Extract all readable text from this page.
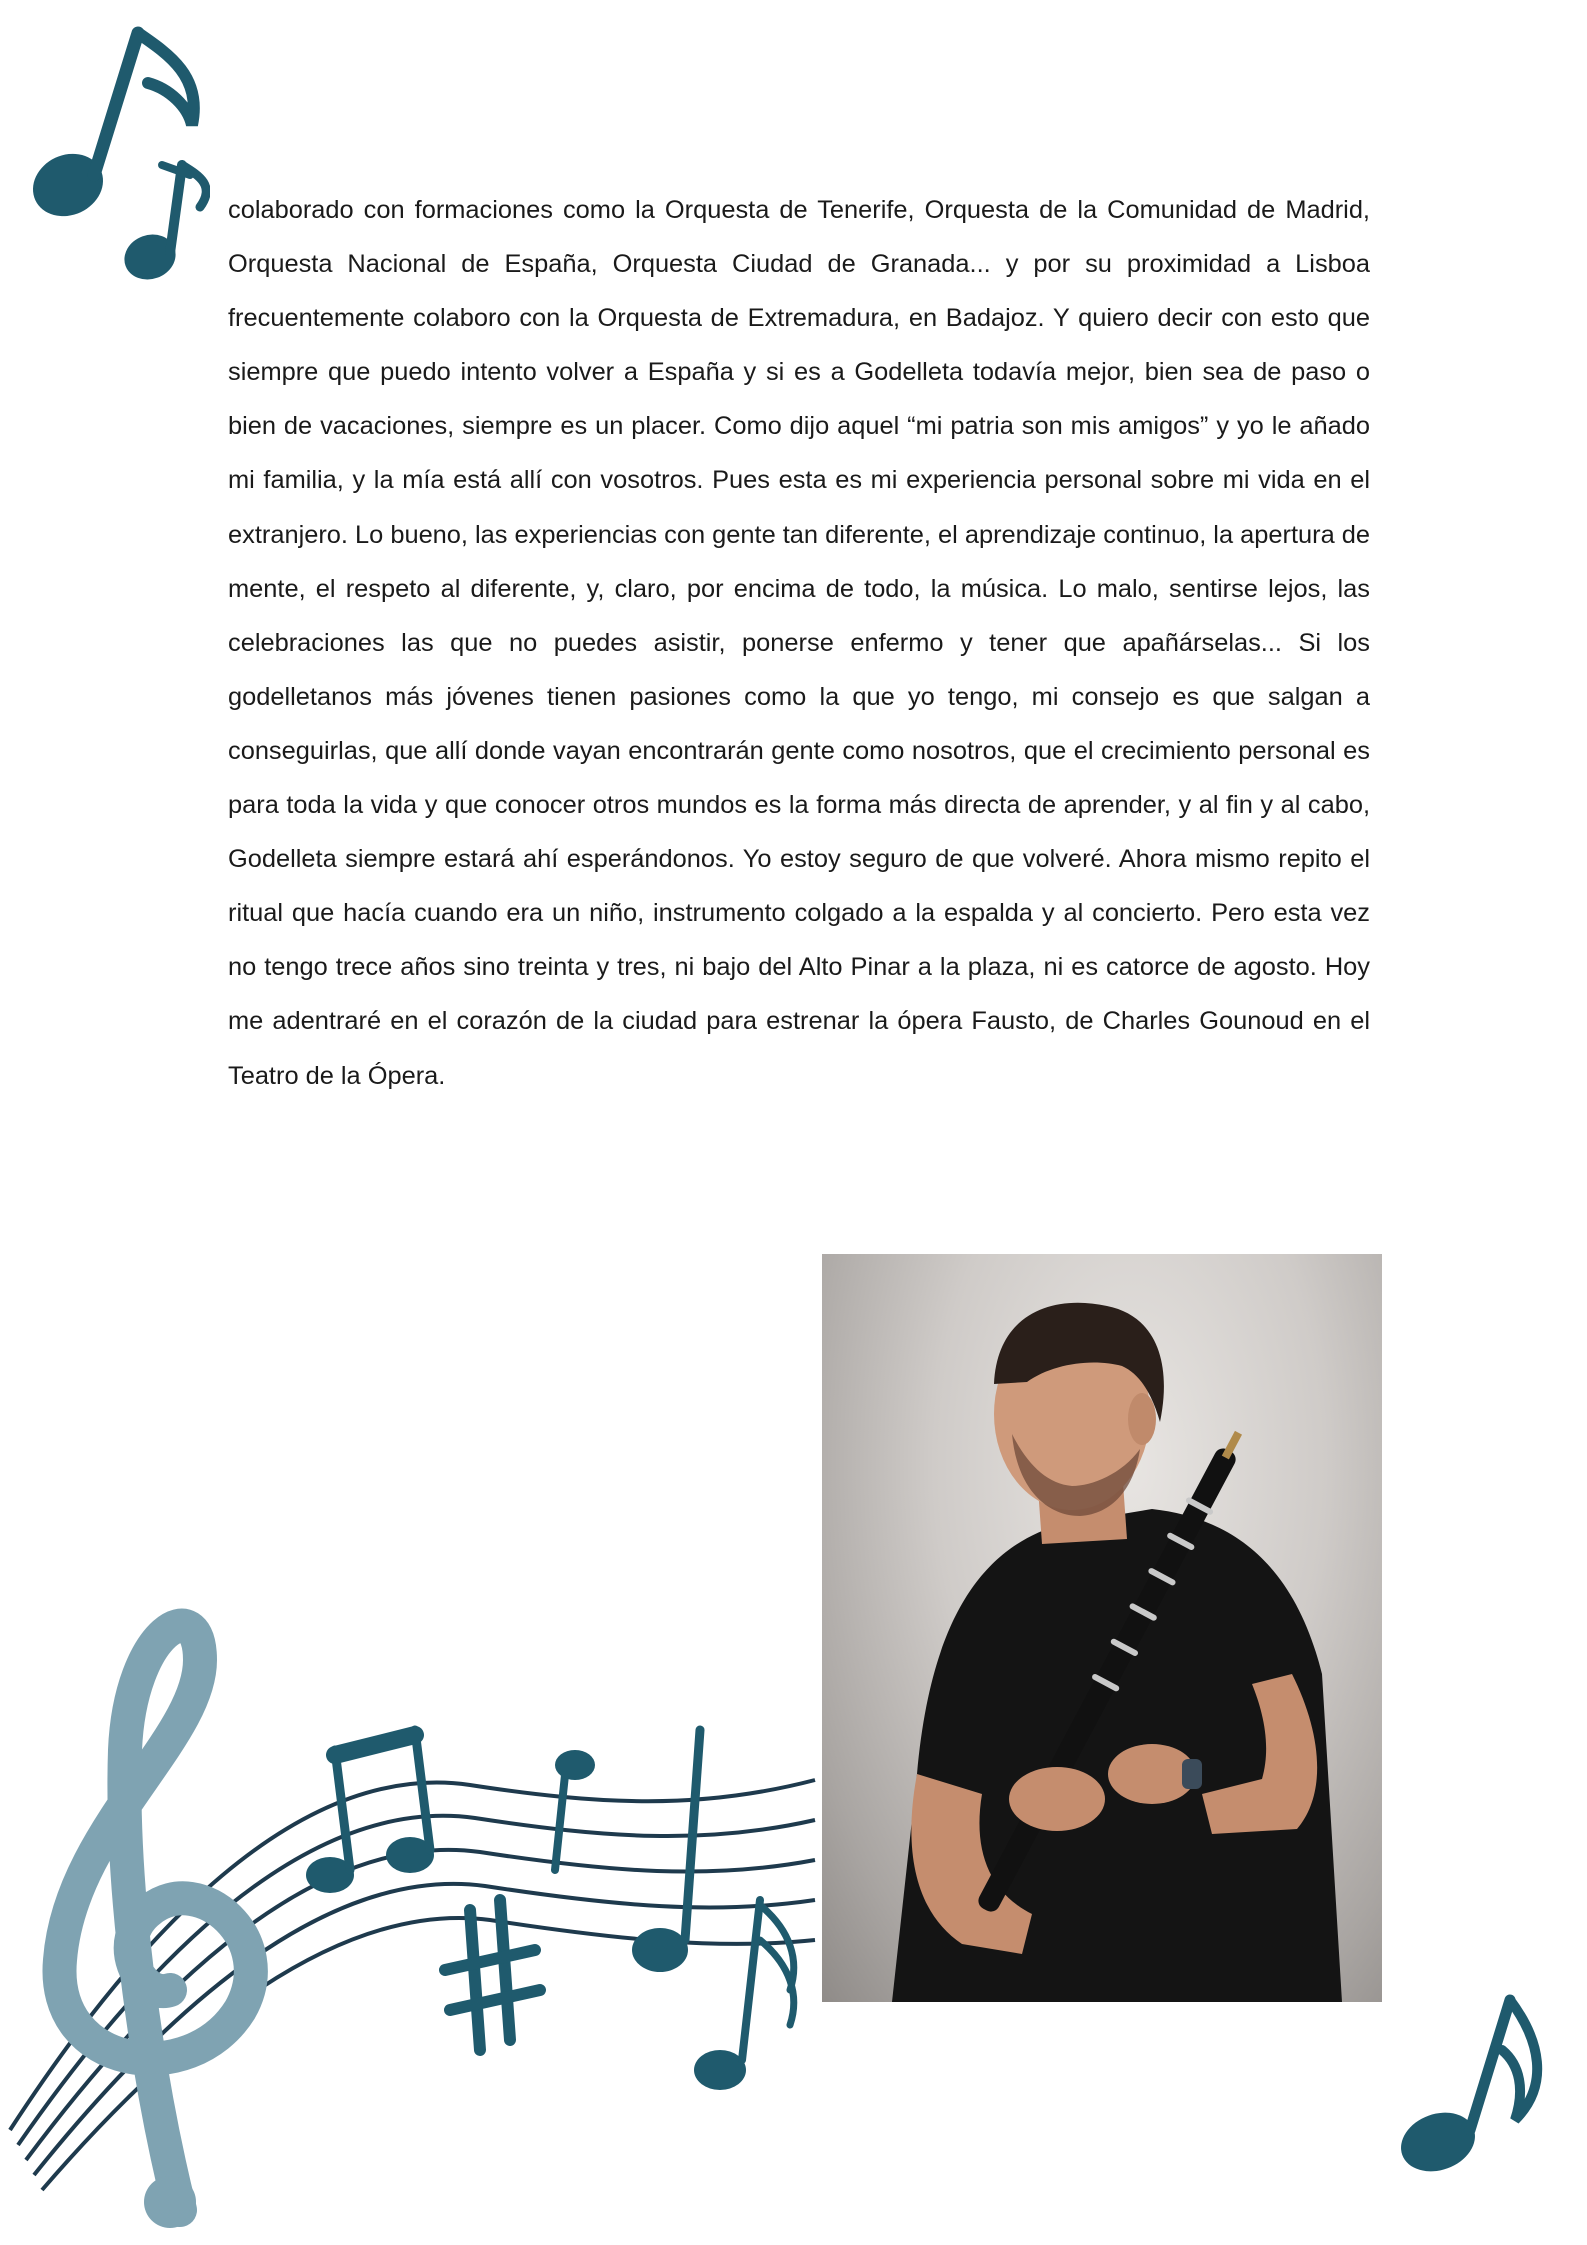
colaborado con formaciones como la Orquesta de Tenerife, Orquesta de la Comunidad de Madrid, Orquesta Nacional de España, Orquesta Ciudad de Granada... y por su proximidad a Lisboa frecuentemente colaboro con la Orquesta de Extremadura, en Badajoz. Y quiero decir con esto que siempre que puedo intento volver a España y si es a Godelleta todavía mejor, bien sea de paso o bien de vacaciones, siempre es un placer. Como dijo aquel “mi patria son mis amigos” y yo le añado mi familia, y la mía está allí con vosotros. Pues esta es mi experiencia personal sobre mi vida en el extranjero. Lo bueno, las experiencias con gente tan diferente, el aprendizaje continuo, la apertura de mente, el respeto al diferente, y, claro, por encima de todo, la música. Lo malo, sentirse lejos, las celebraciones las que no puedes asistir, ponerse enfermo y tener que apañárselas... Si los godelletanos más jóvenes tienen pasiones como la que yo tengo, mi consejo es que salgan a conseguirlas, que allí donde vayan encontrarán gente como nosotros, que el crecimiento personal es para toda la vida y que conocer otros mundos es la forma más directa de aprender, y al fin y al cabo, Godelleta siempre estará ahí esperándonos. Yo estoy seguro de que volveré. Ahora mismo repito el ritual que hacía cuando era un niño, instrumento colgado a la espalda y al concierto. Pero esta vez no tengo trece años sino treinta y tres, ni bajo del Alto Pinar a la plaza, ni es catorce de agosto. Hoy me adentraré en el corazón de la ciudad para estrenar la ópera Fausto, de Charles Gounoud en el Teatro de la Ópera.
